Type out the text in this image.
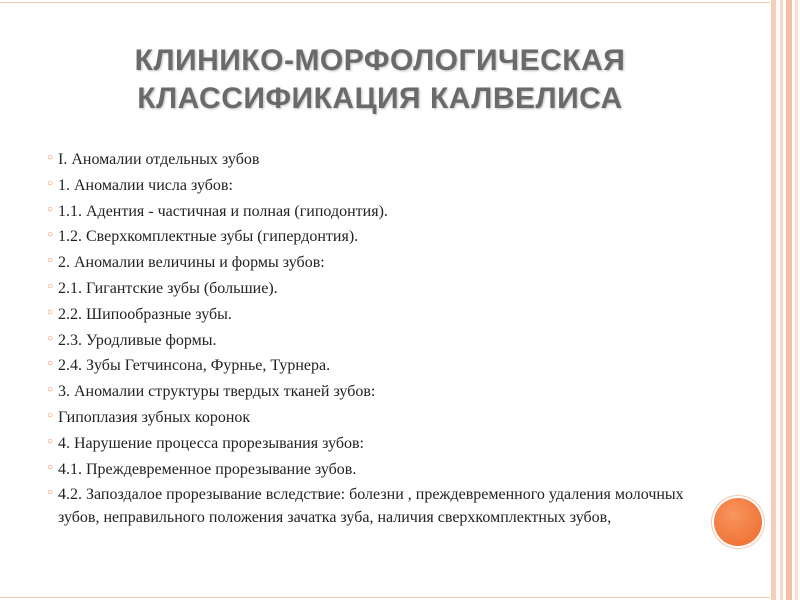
КЛИНИКО-МОРФОЛОГИЧЕСКАЯ
КЛАССИФИКАЦИЯ КАЛВЕЛИСА
○ I. Аномалии отдельных зубов
○ 1. Аномалии числа зубов:
○ 1.1. Адентия - частичная и полная (гиподонтия).
○ 1.2. Сверхкомплектные зубы (гипердонтия).
○ 2. Аномалии величины и формы зубов:
○ 2.1. Гигантские зубы (большие).
○ 2.2. Шипообразные зубы.
○ 2.3. Уродливые формы.
○ 2.4. Зубы Гетчинсона, Фурнье, Турнера.
○ 3. Аномалии структуры твердых тканей зубов:
○ Гипоплазия зубных коронок
○ 4. Нарушение процесса прорезывания зубов:
○ 4.1. Преждевременное прорезывание зубов.
○ 4.2. Запоздалое прорезывание вследствие: болезни , преждевременного удаления молочных зубов, неправильного положения зачатка зуба, наличия сверхкомплектных зубов,
